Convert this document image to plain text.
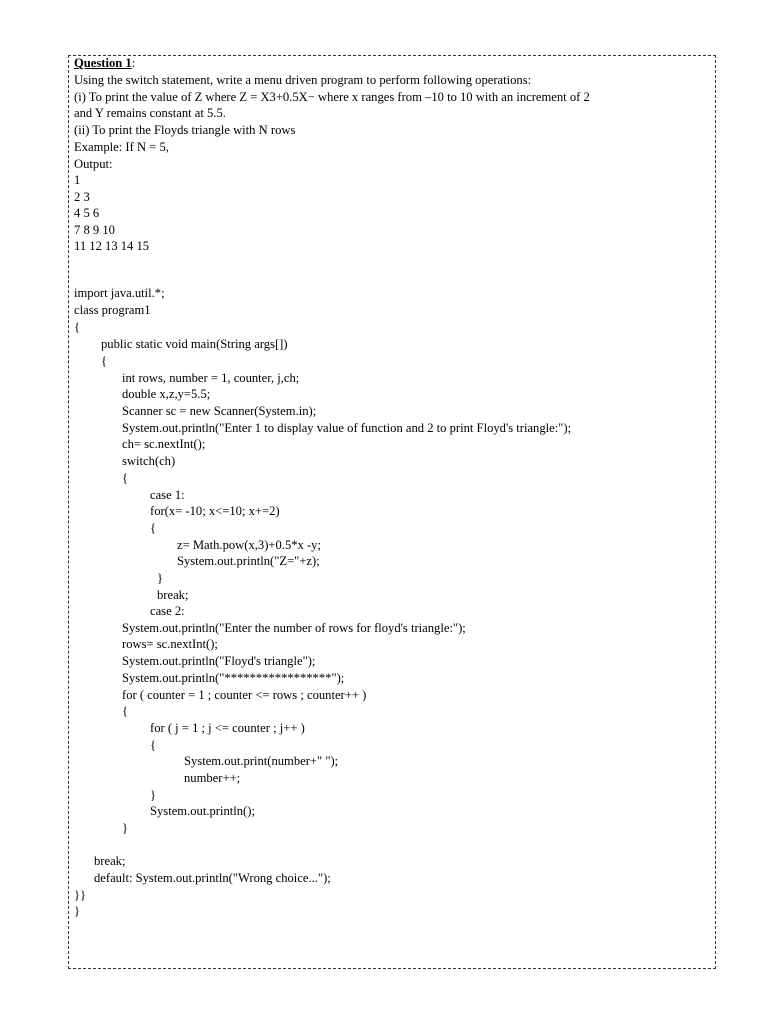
Question 1:
Using the switch statement, write a menu driven program to perform following operations:
(i) To print the value of Z where Z = X3+0.5X− where x ranges from –10 to 10 with an increment of 2
and Y remains constant at 5.5.
(ii) To print the Floyds triangle with N rows
Example: If N = 5,
Output:
1
2 3
4 5 6
7 8 9 10
11 12 13 14 15
import java.util.*;
class program1
{
public static void main(String args[])
{
int rows, number = 1, counter, j,ch;
double x,z,y=5.5;
Scanner sc = new Scanner(System.in);
System.out.println("Enter 1 to display value of function and 2 to print Floyd's triangle:");
ch= sc.nextInt();
switch(ch)
{
case 1:
for(x= -10; x<=10; x+=2)
{
z= Math.pow(x,3)+0.5*x -y;
System.out.println("Z="+z);
}
break;
case 2:
System.out.println("Enter the number of rows for floyd's triangle:");
rows= sc.nextInt();
System.out.println("Floyd's triangle");
System.out.println("*****************");
for ( counter = 1 ; counter <= rows ; counter++ )
{
for ( j = 1 ; j <= counter ; j++ )
{
System.out.print(number+" ");
number++;
}
System.out.println();
}
break;
default: System.out.println("Wrong choice...");
}}
}
